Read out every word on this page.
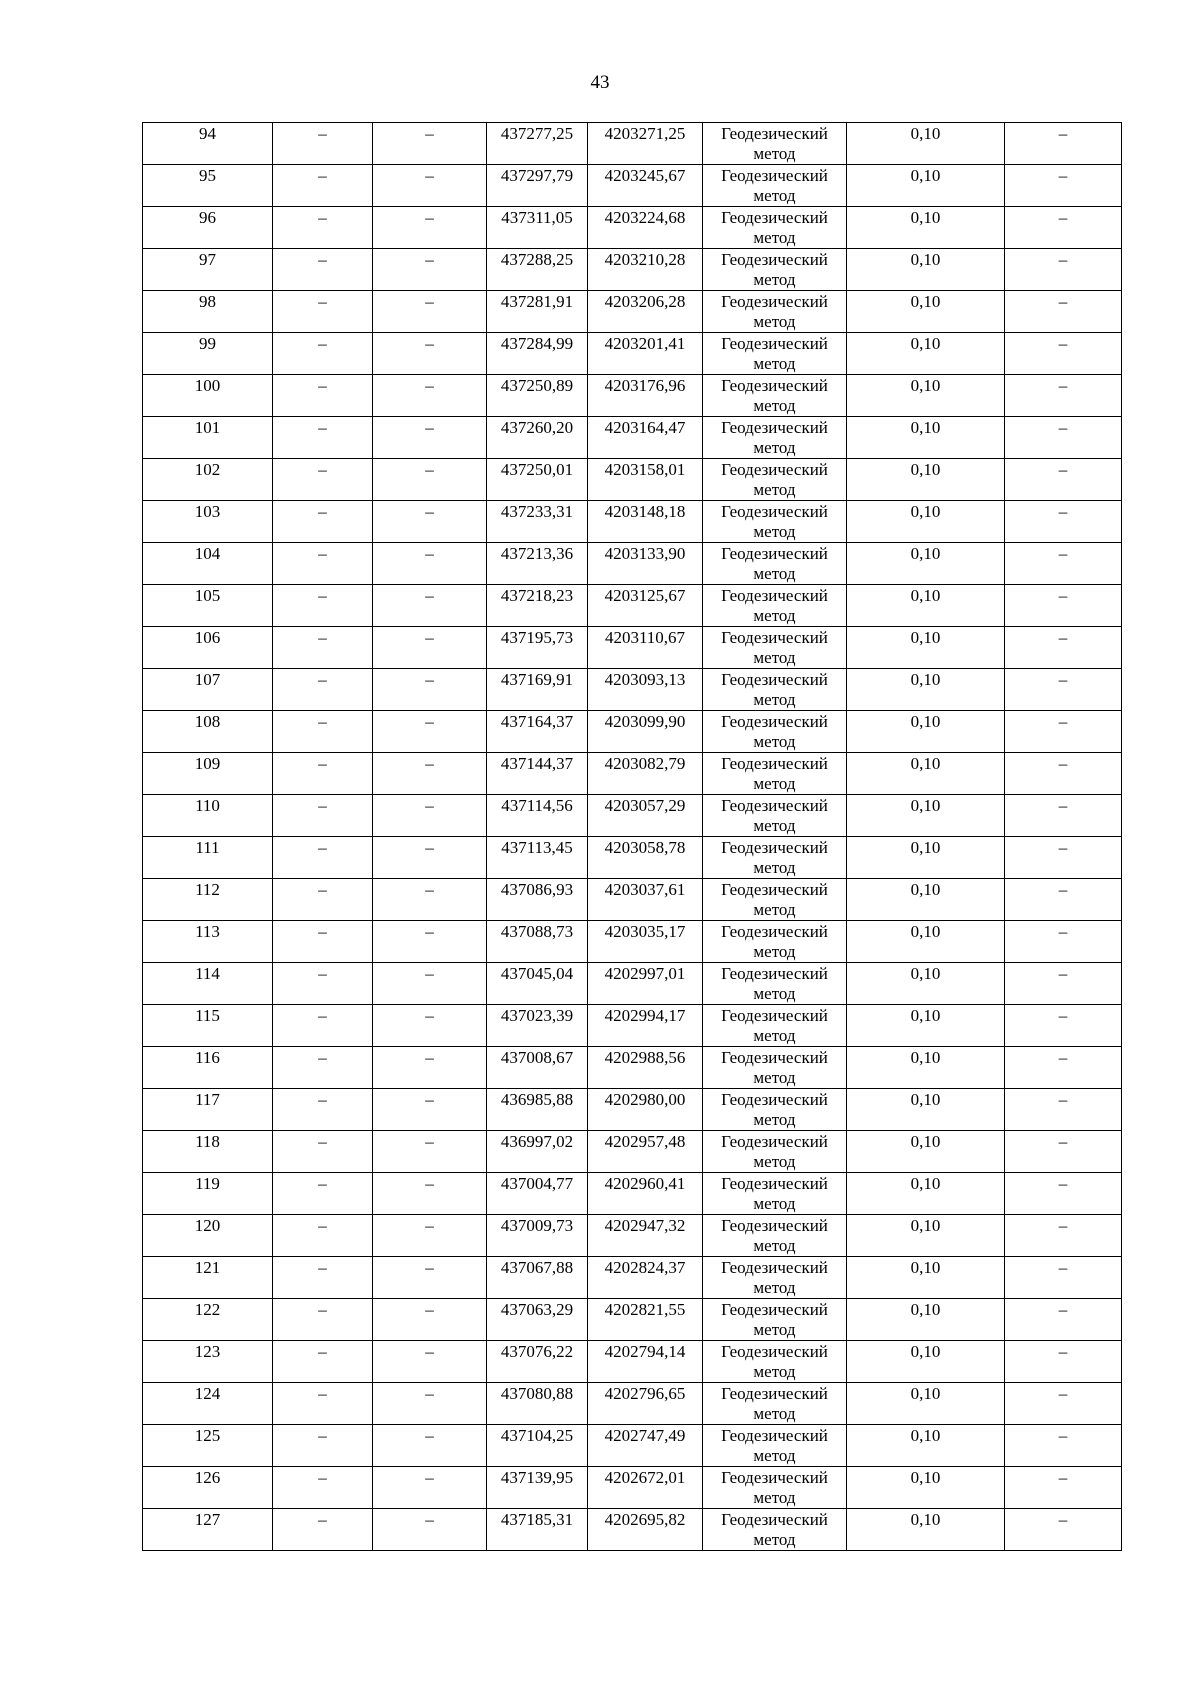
43
94	–	–	437277,25	4203271,25	Геодезический
метод	0,10	–
95	–	–	437297,79	4203245,67	Геодезический
метод	0,10	–
96	–	–	437311,05	4203224,68	Геодезический
метод	0,10	–
97	–	–	437288,25	4203210,28	Геодезический
метод	0,10	–
98	–	–	437281,91	4203206,28	Геодезический
метод	0,10	–
99	–	–	437284,99	4203201,41	Геодезический
метод	0,10	–
100	–	–	437250,89	4203176,96	Геодезический
метод	0,10	–
101	–	–	437260,20	4203164,47	Геодезический
метод	0,10	–
102	–	–	437250,01	4203158,01	Геодезический
метод	0,10	–
103	–	–	437233,31	4203148,18	Геодезический
метод	0,10	–
104	–	–	437213,36	4203133,90	Геодезический
метод	0,10	–
105	–	–	437218,23	4203125,67	Геодезический
метод	0,10	–
106	–	–	437195,73	4203110,67	Геодезический
метод	0,10	–
107	–	–	437169,91	4203093,13	Геодезический
метод	0,10	–
108	–	–	437164,37	4203099,90	Геодезический
метод	0,10	–
109	–	–	437144,37	4203082,79	Геодезический
метод	0,10	–
110	–	–	437114,56	4203057,29	Геодезический
метод	0,10	–
111	–	–	437113,45	4203058,78	Геодезический
метод	0,10	–
112	–	–	437086,93	4203037,61	Геодезический
метод	0,10	–
113	–	–	437088,73	4203035,17	Геодезический
метод	0,10	–
114	–	–	437045,04	4202997,01	Геодезический
метод	0,10	–
115	–	–	437023,39	4202994,17	Геодезический
метод	0,10	–
116	–	–	437008,67	4202988,56	Геодезический
метод	0,10	–
117	–	–	436985,88	4202980,00	Геодезический
метод	0,10	–
118	–	–	436997,02	4202957,48	Геодезический
метод	0,10	–
119	–	–	437004,77	4202960,41	Геодезический
метод	0,10	–
120	–	–	437009,73	4202947,32	Геодезический
метод	0,10	–
121	–	–	437067,88	4202824,37	Геодезический
метод	0,10	–
122	–	–	437063,29	4202821,55	Геодезический
метод	0,10	–
123	–	–	437076,22	4202794,14	Геодезический
метод	0,10	–
124	–	–	437080,88	4202796,65	Геодезический
метод	0,10	–
125	–	–	437104,25	4202747,49	Геодезический
метод	0,10	–
126	–	–	437139,95	4202672,01	Геодезический
метод	0,10	–
127	–	–	437185,31	4202695,82	Геодезический
метод	0,10	–
